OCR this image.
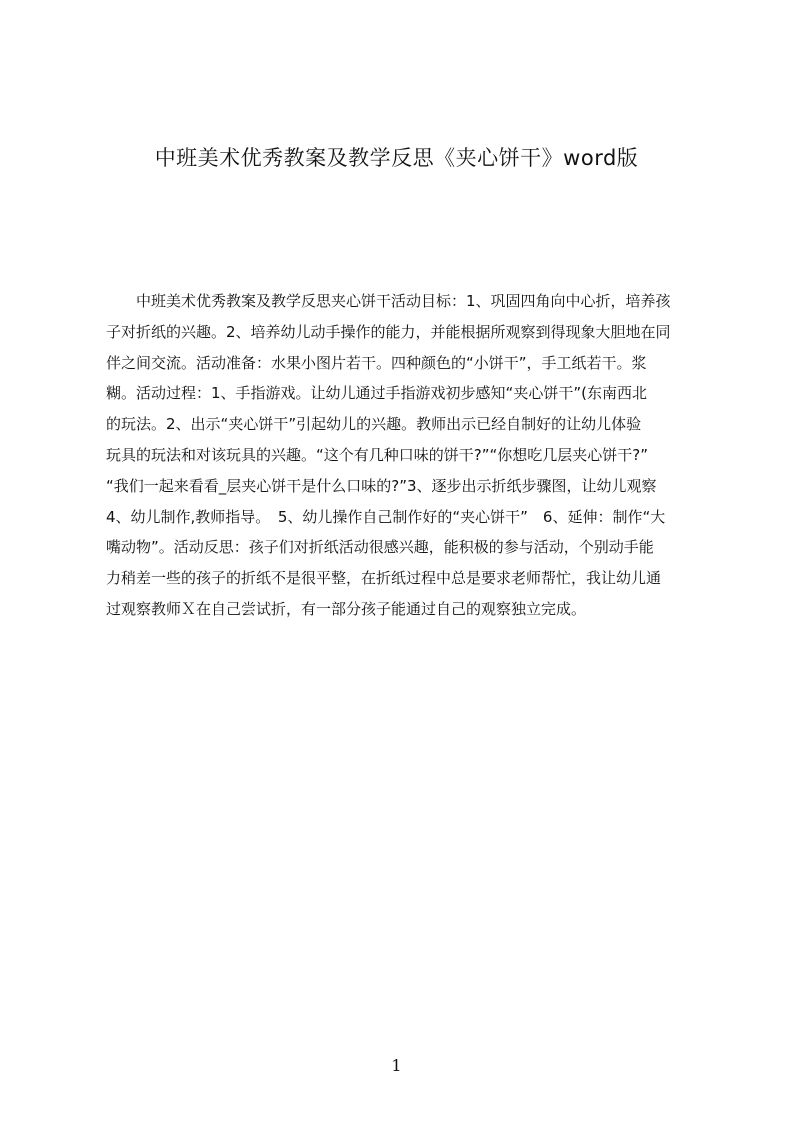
中班美术优秀教案及教学反思《夹心饼干》word版
　　中班美术优秀教案及教学反思夹心饼干活动目标：1、巩固四角向中心折，培养孩
子对折纸的兴趣。2、培养幼儿动手操作的能力，并能根据所观察到得现象大胆地在同
伴之间交流。活动准备：水果小图片若干。四种颜色的“小饼干”，手工纸若干。浆
糊。活动过程：1、手指游戏。让幼儿通过手指游戏初步感知“夹心饼干”(东南西北
的玩法。2、出示“夹心饼干”引起幼儿的兴趣。教师出示已经自制好的让幼儿体验
玩具的玩法和对该玩具的兴趣。“这个有几种口味的饼干?”“你想吃几层夹心饼干?”
“我们一起来看看_层夹心饼干是什么口味的?”3、逐步出示折纸步骤图，让幼儿观察
4、幼儿制作,教师指导。　5、幼儿操作自己制作好的“夹心饼干”　6、延伸：制作“大
嘴动物”。活动反思：孩子们对折纸活动很感兴趣，能积极的参与活动，个别动手能
力稍差一些的孩子的折纸不是很平整，在折纸过程中总是要求老师帮忙，我让幼儿通
过观察教师Ｘ在自己尝试折，有一部分孩子能通过自己的观察独立完成。
1
